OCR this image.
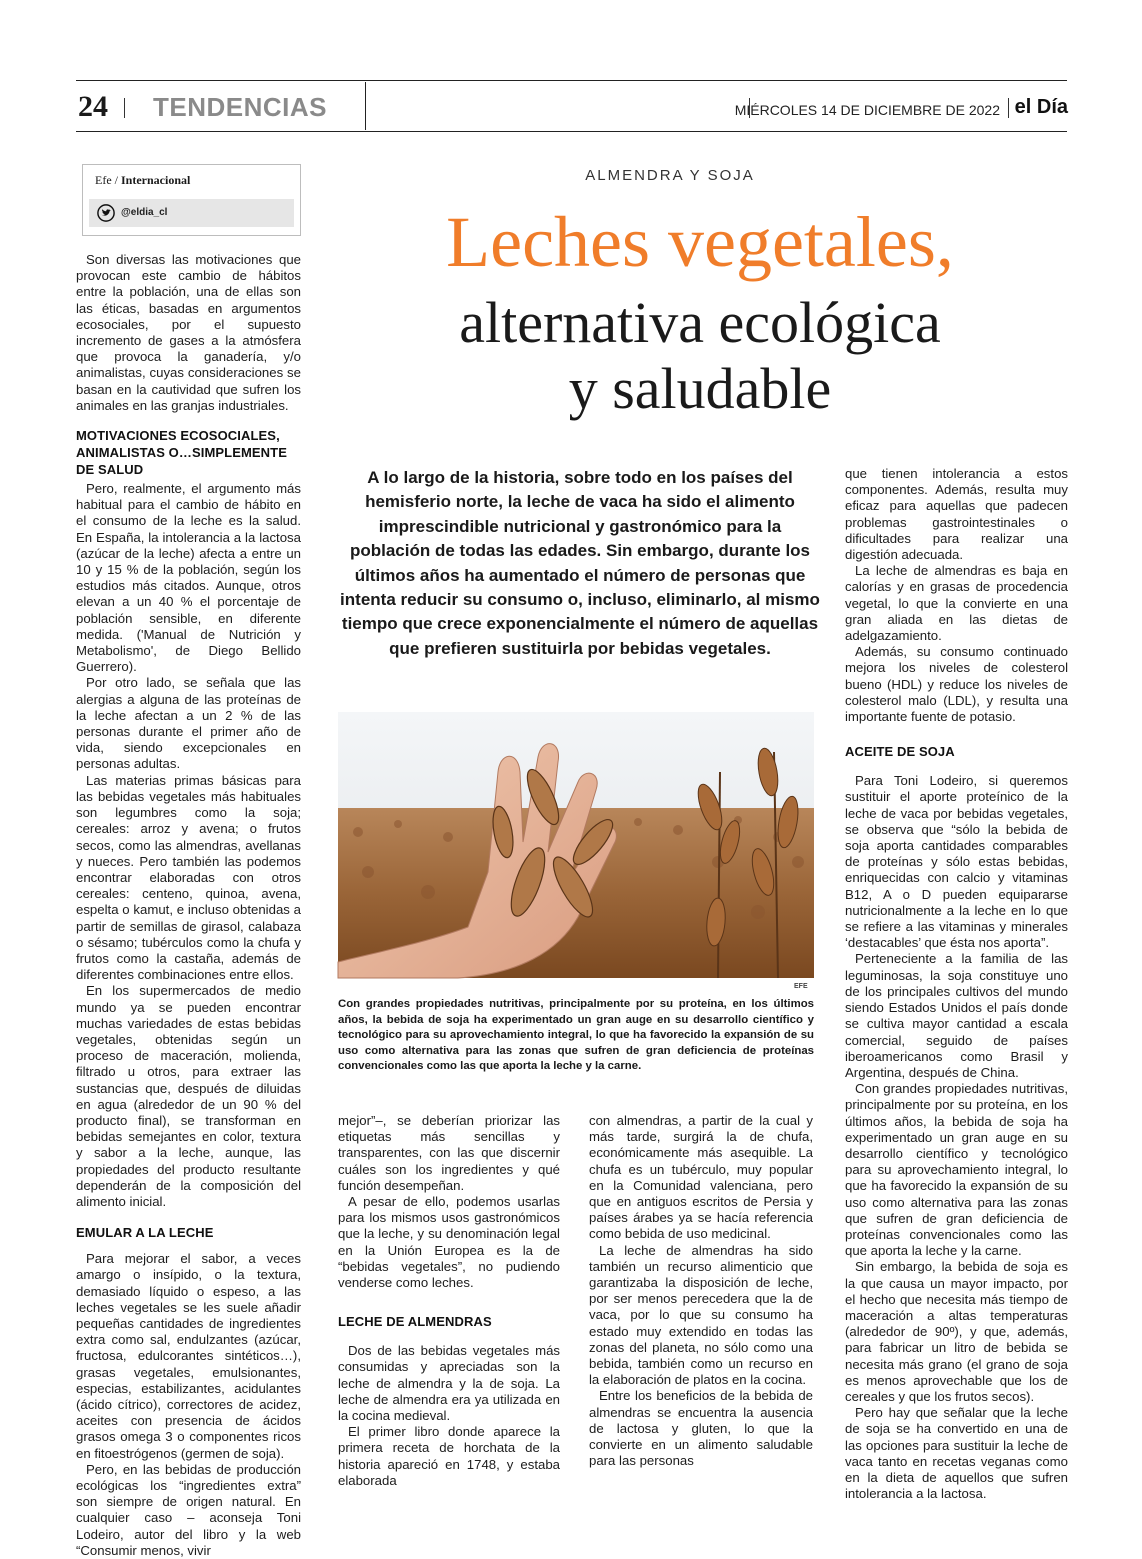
24 TENDENCIAS	MIÉRCOLES 14 DE DICIEMBRE DE 2022 el Día
Efe / Internacional
@eldia_cl

Son diversas las motivaciones que provocan este cambio de hábitos entre la población, una de ellas son las éticas, basadas en argumentos ecosociales, por el supuesto incremento de gases a la atmósfera que provoca la ganadería, y/o animalistas, cuyas consideraciones se basan en la cautividad que sufren los animales en las granjas industriales.

MOTIVACIONES ECOSOCIALES, ANIMALISTAS O…SIMPLEMENTE DE SALUD

Pero, realmente, el argumento más habitual para el cambio de hábito en el consumo de la leche es la salud. En España, la intolerancia a la lactosa (azúcar de la leche) afecta a entre un 10 y 15 % de la población, según los estudios más citados. Aunque, otros elevan a un 40 % el porcentaje de población sensible, en diferente medida. ('Manual de Nutrición y Metabolismo', de Diego Bellido Guerrero).

Por otro lado, se señala que las alergias a alguna de las proteínas de la leche afectan a un 2 % de las personas durante el primer año de vida, siendo excepcionales en personas adultas.

Las materias primas básicas para las bebidas vegetales más habituales son legumbres como la soja; cereales: arroz y avena; o frutos secos, como las almendras, avellanas y nueces. Pero también las podemos encontrar elaboradas con otros cereales: centeno, quinoa, avena, espelta o kamut, e incluso obtenidas a partir de semillas de girasol, calabaza o sésamo; tubérculos como la chufa y frutos como la castaña, además de diferentes combinaciones entre ellos.

En los supermercados de medio mundo ya se pueden encontrar muchas variedades de estas bebidas vegetales, obtenidas según un proceso de maceración, molienda, filtrado u otros, para extraer las sustancias que, después de diluidas en agua (alrededor de un 90 % del producto final), se transforman en bebidas semejantes en color, textura y sabor a la leche, aunque, las propiedades del producto resultante dependerán de la composición del alimento inicial.

EMULAR A LA LECHE

Para mejorar el sabor, a veces amargo o insípido, o la textura, demasiado líquido o espeso, a las leches vegetales se les suele añadir pequeñas cantidades de ingredientes extra como sal, endulzantes (azúcar, fructosa, edulcorantes sintéticos…), grasas vegetales, emulsionantes, especias, estabilizantes, acidulantes (ácido cítrico), correctores de acidez, aceites con presencia de ácidos grasos omega 3 o componentes ricos en fitoestrógenos (germen de soja).

Pero, en las bebidas de producción ecológicas los “ingredientes extra” son siempre de origen natural. En cualquier caso – aconseja Toni Lodeiro, autor del libro y la web “Consumir menos, vivir

ALMENDRA Y SOJA
Leches vegetales,
alternativa ecológica
y saludable
A lo largo de la historia, sobre todo en los países del hemisferio norte, la leche de vaca ha sido el alimento imprescindible nutricional y gastronómico para la población de todas las edades. Sin embargo, durante los últimos años ha aumentado el número de personas que intenta reducir su consumo o, incluso, eliminarlo, al mismo tiempo que crece exponencialmente el número de aquellas que prefieren sustituirla por bebidas vegetales.
EFE
Con grandes propiedades nutritivas, principalmente por su proteína, en los últimos años, la bebida de soja ha experimentado un gran auge en su desarrollo científico y tecnológico para su aprovechamiento integral, lo que ha favorecido la expansión de su uso como alternativa para las zonas que sufren de gran deficiencia de proteínas convencionales como las que aporta la leche y la carne.

mejor”–, se deberían priorizar las etiquetas más sencillas y transparentes, con las que discernir cuáles son los ingredientes y qué función desempeñan.

A pesar de ello, podemos usarlas para los mismos usos gastronómicos que la leche, y su denominación legal en la Unión Europea es la de “bebidas vegetales”, no pudiendo venderse como leches.

LECHE DE ALMENDRAS

Dos de las bebidas vegetales más consumidas y apreciadas son la leche de almendra y la de soja. La leche de almendra era ya utilizada en la cocina medieval.

El primer libro donde aparece la primera receta de horchata de la historia apareció en 1748, y estaba elaborada

con almendras, a partir de la cual y más tarde, surgirá la de chufa, económicamente más asequible. La chufa es un tubérculo, muy popular en la Comunidad valenciana, pero que en antiguos escritos de Persia y países árabes ya se hacía referencia como bebida de uso medicinal.

La leche de almendras ha sido también un recurso alimenticio que garantizaba la disposición de leche, por ser menos perecedera que la de vaca, por lo que su consumo ha estado muy extendido en todas las zonas del planeta, no sólo como una bebida, también como un recurso en la elaboración de platos en la cocina.

Entre los beneficios de la bebida de almendras se encuentra la ausencia de lactosa y gluten, lo que la convierte en un alimento saludable para las personas

que tienen intolerancia a estos componentes. Además, resulta muy eficaz para aquellas que padecen problemas gastrointestinales o dificultades para realizar una digestión adecuada.

La leche de almendras es baja en calorías y en grasas de procedencia vegetal, lo que la convierte en una gran aliada en las dietas de adelgazamiento.

Además, su consumo continuado mejora los niveles de colesterol bueno (HDL) y reduce los niveles de colesterol malo (LDL), y resulta una importante fuente de potasio.

ACEITE DE SOJA

Para Toni Lodeiro, si queremos sustituir el aporte proteínico de la leche de vaca por bebidas vegetales, se observa que “sólo la bebida de soja aporta cantidades comparables de proteínas y sólo estas bebidas, enriquecidas con calcio y vitaminas B12, A o D pueden equipararse nutricionalmente a la leche en lo que se refiere a las vitaminas y minerales ‘destacables’ que ésta nos aporta”.

Perteneciente a la familia de las leguminosas, la soja constituye uno de los principales cultivos del mundo siendo Estados Unidos el país donde se cultiva mayor cantidad a escala comercial, seguido de países iberoamericanos como Brasil y Argentina, después de China.

Con grandes propiedades nutritivas, principalmente por su proteína, en los últimos años, la bebida de soja ha experimentado un gran auge en su desarrollo científico y tecnológico para su aprovechamiento integral, lo que ha favorecido la expansión de su uso como alternativa para las zonas que sufren de gran deficiencia de proteínas convencionales como las que aporta la leche y la carne.

Sin embargo, la bebida de soja es la que causa un mayor impacto, por el hecho que necesita más tiempo de maceración a altas temperaturas (alrededor de 90º), y que, además, para fabricar un litro de bebida se necesita más grano (el grano de soja es menos aprovechable que los de cereales y que los frutos secos).

Pero hay que señalar que la leche de soja se ha convertido en una de las opciones para sustituir la leche de vaca tanto en recetas veganas como en la dieta de aquellos que sufren intolerancia a la lactosa.
